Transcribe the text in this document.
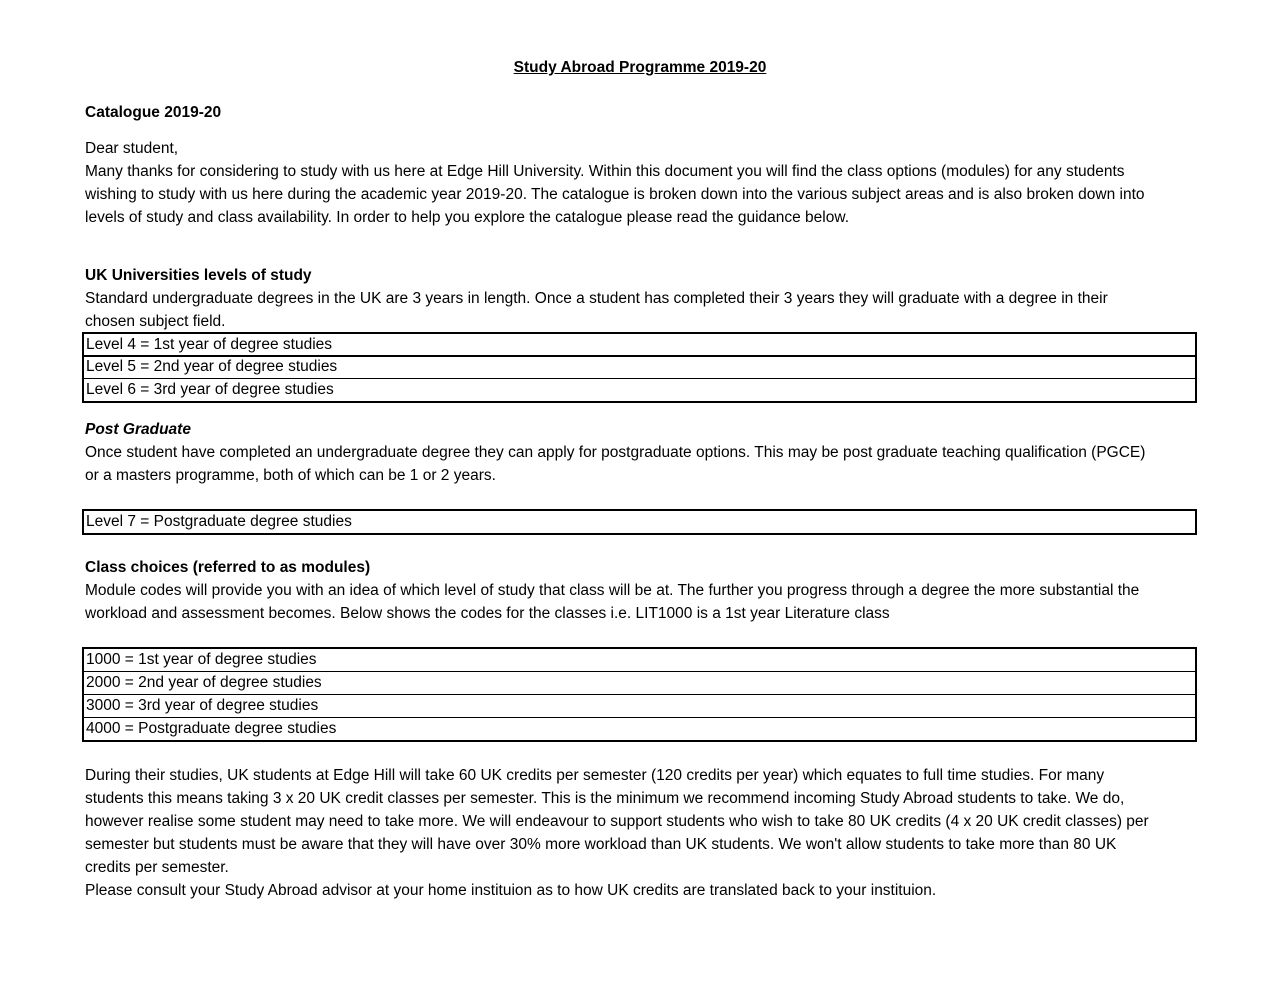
Study Abroad Programme 2019-20
Catalogue 2019-20
Dear student,
Many thanks for considering to study with us here at Edge Hill University. Within this document you will find the class options (modules) for any students
wishing to study with us here during the academic year 2019-20. The catalogue is broken down into the various subject areas and is also broken down into
levels of study and class availability. In order to help you explore the catalogue please read the guidance below.
UK Universities levels of study
Standard undergraduate degrees in the UK are 3 years in length. Once a student has completed their 3 years they will graduate with a degree in their
chosen subject field.
Level 4 = 1st year of degree studies
Level 5 = 2nd year of degree studies
Level 6 = 3rd year of degree studies
Post Graduate
Once student have completed an undergraduate degree they can apply for postgraduate options. This may be post graduate teaching qualification (PGCE)
or a masters programme, both of which can be 1 or 2 years.
Level 7 = Postgraduate degree studies
Class choices (referred to as modules)
Module codes will provide you with an idea of which level of study that class will be at. The further you progress through a degree the more substantial the
workload and assessment becomes. Below shows the codes for the classes i.e. LIT1000 is a 1st year Literature class
1000 = 1st year of degree studies
2000 = 2nd year of degree studies
3000 = 3rd year of degree studies
4000 = Postgraduate degree studies
During their studies, UK students at Edge Hill will take 60 UK credits per semester (120 credits per year) which equates to full time studies. For many
students this means taking 3 x 20 UK credit classes per semester. This is the minimum we recommend incoming Study Abroad students to take. We do,
however realise some student may need to take more. We will endeavour to support students who wish to take 80 UK credits (4 x 20 UK credit classes) per
semester but students must be aware that they will have over 30% more workload than UK students. We won't allow students to take more than 80 UK
credits per semester.
Please consult your Study Abroad advisor at your home instituion as to how UK credits are translated back to your instituion.
